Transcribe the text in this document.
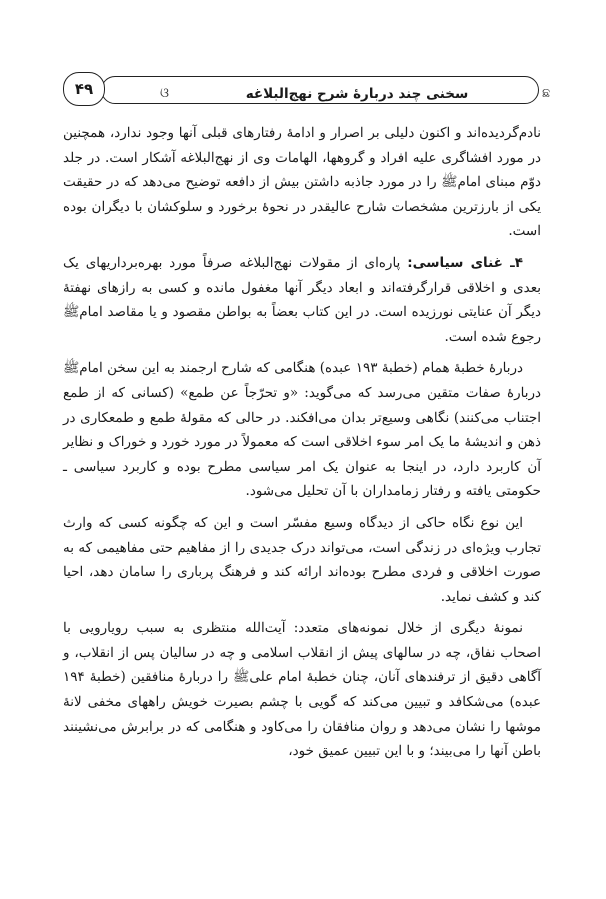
ଓ	سخنی چند دربارۀ شرح نهج‌البلاغه	ଛ
۴۹

نادم‌گردیده‌اند و اکنون دلیلی بر اصرار و ادامۀ رفتارهای قبلی آنها وجود ندارد، همچنین در مورد افشاگری علیه افراد و گروهها، الهامات وی از نهج‌البلاغه آشکار است. در جلد دوّم مبنای امامﷺ را در مورد جاذبه داشتن بیش از دافعه توضیح می‌دهد که در حقیقت یکی از بارزترین مشخصات شارح عالیقدر در نحوۀ برخورد و سلوکشان با دیگران بوده است.

۴ـ غنای سیاسی: پاره‌ای از مقولات نهج‌البلاغه صرفاً مورد بهره‌برداریهای یک بعدی و اخلاقی قرارگرفته‌اند و ابعاد دیگر آنها مغفول مانده و کسی به رازهای نهفتۀ دیگر آن عنایتی نورزیده است. در این کتاب بعضاً به بواطن مقصود و یا مقاصد امامﷺ رجوع شده است.

دربارۀ خطبۀ همام (خطبۀ ۱۹۳ عبده) هنگامی که شارح ارجمند به این سخن امامﷺ دربارۀ صفات متقین می‌رسد که می‌گوید: «و تحرّجاً عن طمع» (کسانی که از طمع اجتناب می‌کنند) نگاهی وسیع‌تر بدان می‌افکند. در حالی که مقولۀ طمع و طمعکاری در ذهن و اندیشۀ ما یک امر سوء اخلاقی است که معمولاً در مورد خورد و خوراک و نظایر آن کاربرد دارد، در اینجا به عنوان یک امر سیاسی مطرح بوده و کاربرد سیاسی ـ حکومتی یافته و رفتار زمامداران با آن تحلیل می‌شود.

این نوع نگاه حاکی از دیدگاه وسیع مفسّر است و این که چگونه کسی که وارث تجارب ویژه‌ای در زندگی است، می‌تواند درک جدیدی را از مفاهیم حتی مفاهیمی که به صورت اخلاقی و فردی مطرح بوده‌اند ارائه کند و فرهنگ پرباری را سامان دهد، احیا کند و کشف نماید.

نمونۀ دیگری از خلال نمونه‌های متعدد: آیت‌الله منتظری به سبب رویارویی با اصحاب نفاق، چه در سالهای پیش از انقلاب اسلامی و چه در سالیان پس از انقلاب، و آگاهی دقیق از ترفندهای آنان، چنان خطبۀ امام علیﷺ را دربارۀ منافقین (خطبۀ ۱۹۴ عبده) می‌شکافد و تبیین می‌کند که گویی با چشم بصیرت خویش راههای مخفی لانۀ موشها را نشان می‌دهد و روان منافقان را می‌کاود و هنگامی که در برابرش می‌نشینند باطن آنها را می‌بیند؛ و با این تبیین عمیق خود،
